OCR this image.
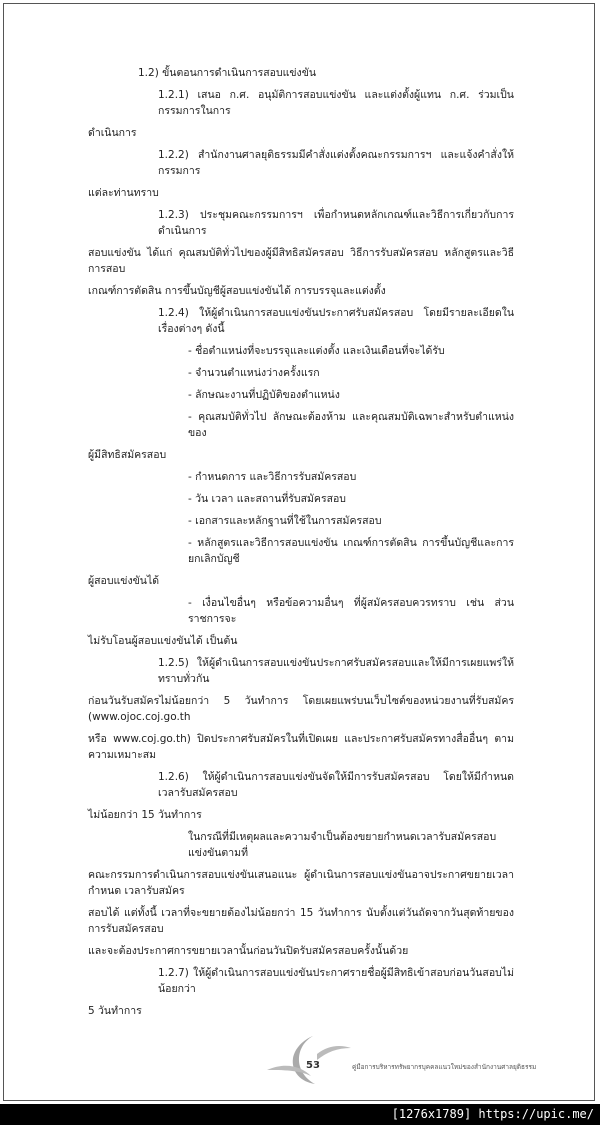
1.2) ขั้นตอนการดำเนินการสอบแข่งขัน
1.2.1) เสนอ ก.ศ. อนุมัติการสอบแข่งขัน และแต่งตั้งผู้แทน ก.ศ. ร่วมเป็นกรรมการในการ
ดำเนินการ
1.2.2) สำนักงานศาลยุติธรรมมีคำสั่งแต่งตั้งคณะกรรมการฯ และแจ้งคำสั่งให้กรรมการ
แต่ละท่านทราบ
1.2.3) ประชุมคณะกรรมการฯ เพื่อกำหนดหลักเกณฑ์และวิธีการเกี่ยวกับการดำเนินการ
สอบแข่งขัน ได้แก่ คุณสมบัติทั่วไปของผู้มีสิทธิสมัครสอบ วิธีการรับสมัครสอบ หลักสูตรและวิธีการสอบ
เกณฑ์การตัดสิน การขึ้นบัญชีผู้สอบแข่งขันได้ การบรรจุและแต่งตั้ง
1.2.4) ให้ผู้ดำเนินการสอบแข่งขันประกาศรับสมัครสอบ โดยมีรายละเอียดในเรื่องต่างๆ ดังนี้
- ชื่อตำแหน่งที่จะบรรจุและแต่งตั้ง และเงินเดือนที่จะได้รับ
- จำนวนตำแหน่งว่างครั้งแรก
- ลักษณะงานที่ปฏิบัติของตำแหน่ง
- คุณสมบัติทั่วไป ลักษณะต้องห้าม และคุณสมบัติเฉพาะสำหรับตำแหน่งของ
ผู้มีสิทธิสมัครสอบ
- กำหนดการ และวิธีการรับสมัครสอบ
- วัน เวลา และสถานที่รับสมัครสอบ
- เอกสารและหลักฐานที่ใช้ในการสมัครสอบ
- หลักสูตรและวิธีการสอบแข่งขัน เกณฑ์การตัดสิน การขึ้นบัญชีและการยกเลิกบัญชี
ผู้สอบแข่งขันได้
- เงื่อนไขอื่นๆ หรือข้อความอื่นๆ ที่ผู้สมัครสอบควรทราบ เช่น ส่วนราชการจะ
ไม่รับโอนผู้สอบแข่งขันได้ เป็นต้น
1.2.5) ให้ผู้ดำเนินการสอบแข่งขันประกาศรับสมัครสอบและให้มีการเผยแพร่ให้ทราบทั่วกัน
ก่อนวันรับสมัครไม่น้อยกว่า 5 วันทำการ โดยเผยแพร่บนเว็บไซต์ของหน่วยงานที่รับสมัคร (www.ojoc.coj.go.th
หรือ www.coj.go.th) ปิดประกาศรับสมัครในที่เปิดเผย และประกาศรับสมัครทางสื่ออื่นๆ ตามความเหมาะสม
1.2.6) ให้ผู้ดำเนินการสอบแข่งขันจัดให้มีการรับสมัครสอบ โดยให้มีกำหนดเวลารับสมัครสอบ
ไม่น้อยกว่า 15 วันทำการ
ในกรณีที่มีเหตุผลและความจำเป็นต้องขยายกำหนดเวลารับสมัครสอบแข่งขันตามที่
คณะกรรมการดำเนินการสอบแข่งขันเสนอแนะ ผู้ดำเนินการสอบแข่งขันอาจประกาศขยายเวลากำหนด เวลารับสมัคร
สอบได้ แต่ทั้งนี้ เวลาที่จะขยายต้องไม่น้อยกว่า 15 วันทำการ นับตั้งแต่วันถัดจากวันสุดท้ายของการรับสมัครสอบ
และจะต้องประกาศการขยายเวลานั้นก่อนวันปิดรับสมัครสอบครั้งนั้นด้วย
1.2.7) ให้ผู้ดำเนินการสอบแข่งขันประกาศรายชื่อผู้มีสิทธิเข้าสอบก่อนวันสอบไม่น้อยกว่า
5 วันทำการ
53	คู่มือการบริหารทรัพยากรบุคคลแนวใหม่ของสำนักงานศาลยุติธรรม
[1276x1789] https://upic.me/
